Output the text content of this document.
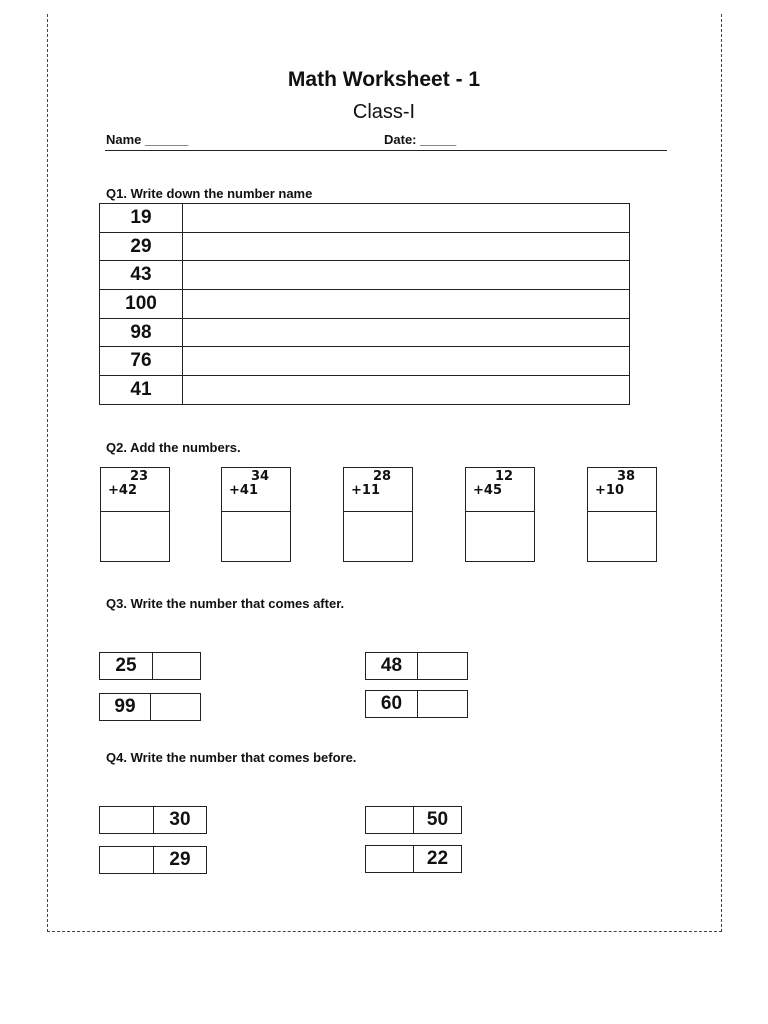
Math Worksheet - 1
Class-I
Name ______	Date: _____
Q1. Write down the number name
19	
29	
43	
100	
98	
76	
41	
Q2. Add the numbers.
23
+42
34
+41
28
+11
12
+45
38
+10
Q3. Write the number that comes after.
25
99
48
60
Q4. Write the number that comes before.
30
29
50
22
